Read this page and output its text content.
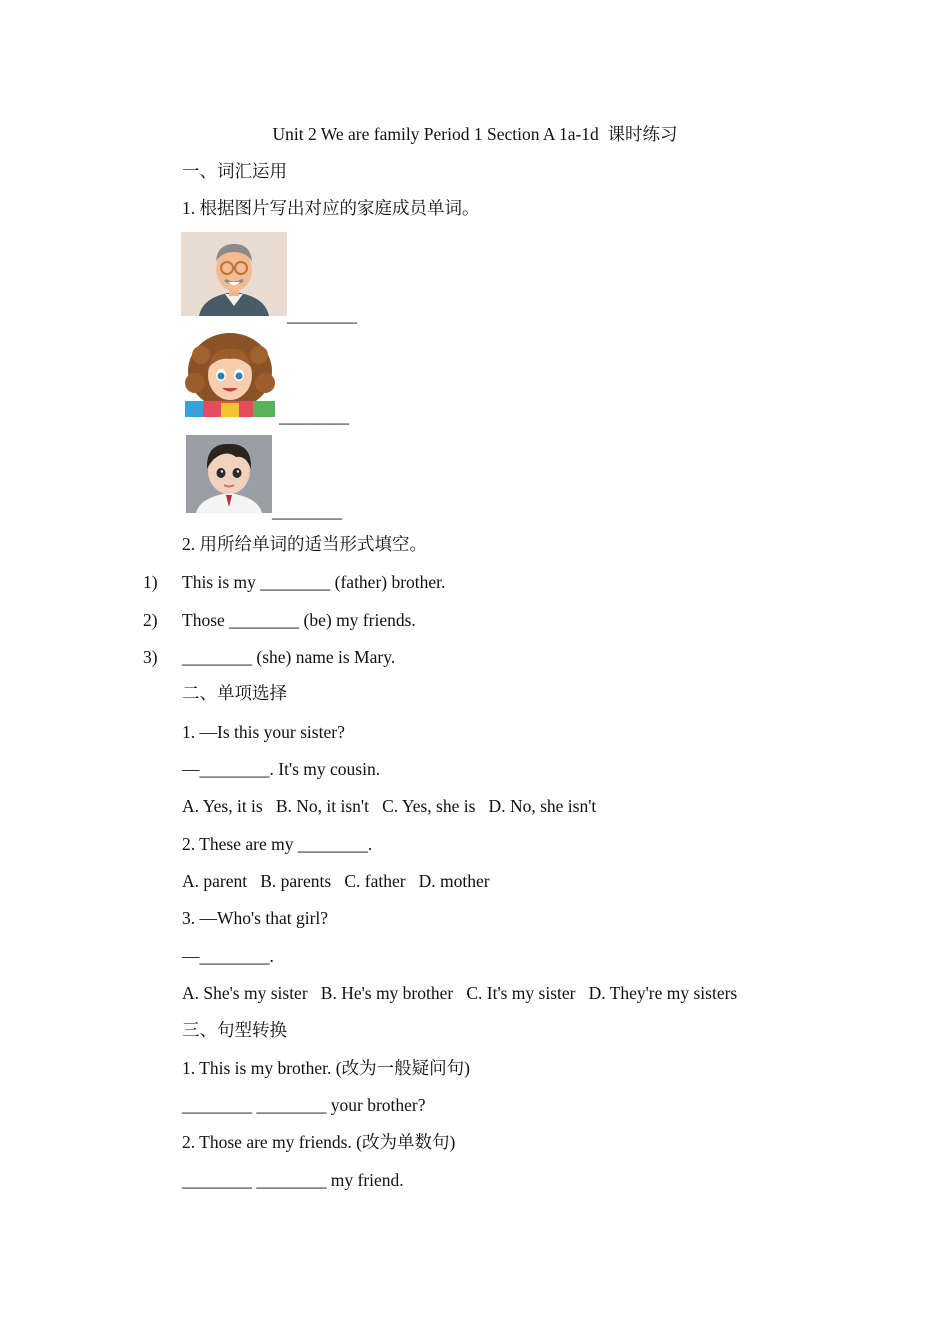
Unit 2 We are family Period 1 Section A 1a-1d  课时练习
一、词汇运用
1. 根据图片写出对应的家庭成员单词。
________
________
________
2. 用所给单词的适当形式填空。
1) This is my ________ (father) brother.
2) Those ________ (be) my friends.
3) ________ (she) name is Mary.
二、单项选择
1. —Is this your sister?
—________. It's my cousin.
A. Yes, it is   B. No, it isn't   C. Yes, she is   D. No, she isn't
2. These are my ________.
A. parent   B. parents   C. father   D. mother
3. —Who's that girl?
—________.
A. She's my sister   B. He's my brother   C. It's my sister   D. They're my sisters
三、句型转换
1. This is my brother. (改为一般疑问句)
________ ________ your brother?
2. Those are my friends. (改为单数句)
________ ________ my friend.
